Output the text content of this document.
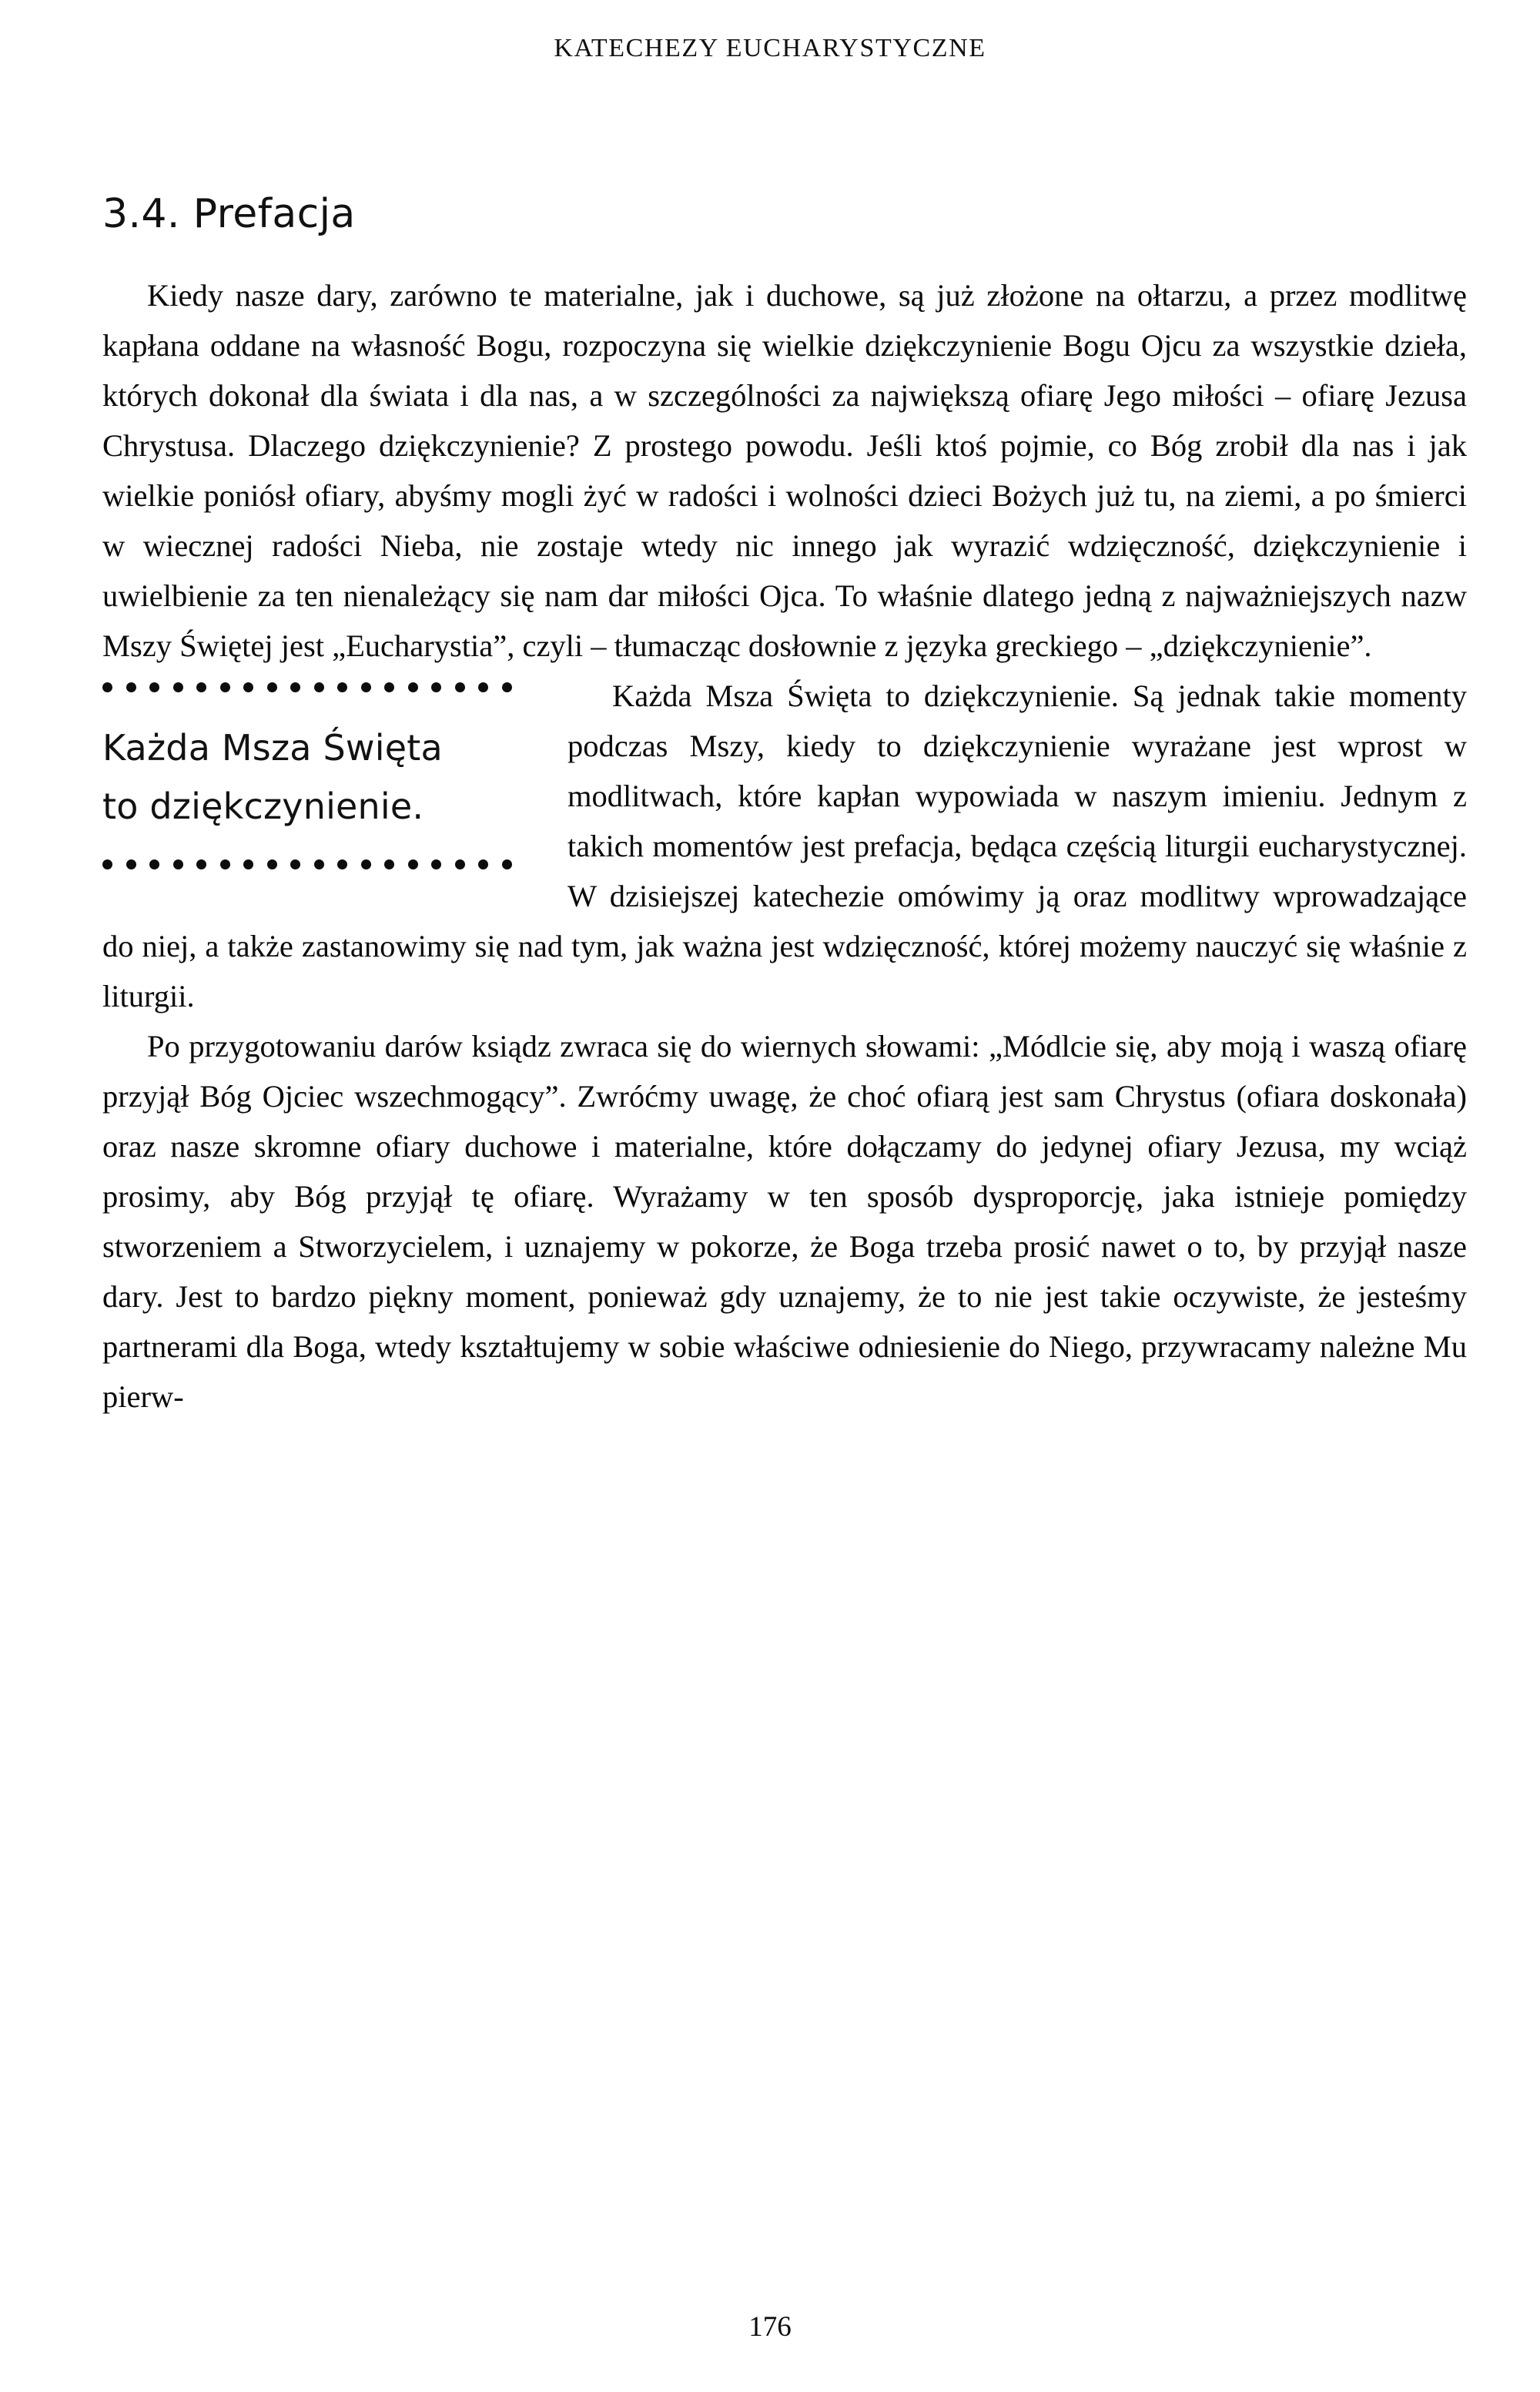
KATECHEZY EUCHARYSTYCZNE
3.4. Prefacja

Kiedy nasze dary, zarówno te materialne, jak i duchowe, są już złożone na ołtarzu, a przez modlitwę kapłana oddane na własność Bogu, rozpoczyna się wielkie dziękczynienie Bogu Ojcu za wszystkie dzieła, których dokonał dla świata i dla nas, a w szczególności za największą ofiarę Jego miłości – ofiarę Jezusa Chrystusa. Dlaczego dziękczynienie? Z prostego powodu. Jeśli ktoś pojmie, co Bóg zrobił dla nas i jak wielkie poniósł ofiary, abyśmy mogli żyć w radości i wolności dzieci Bożych już tu, na ziemi, a po śmierci w wiecznej radości Nieba, nie zostaje wtedy nic innego jak wyrazić wdzięczność, dziękczynienie i uwielbienie za ten nienależący się nam dar miłości Ojca. To właśnie dlatego jedną z najważniejszych nazw Mszy Świętej jest „Eucharystia”, czyli – tłumacząc dosłownie z języka greckiego – „dziękczynienie”.

Każda Msza Święta
to dziękczynienie.

Każda Msza Święta to dziękczynienie. Są jednak takie momenty podczas Mszy, kiedy to dziękczynienie wyrażane jest wprost w modlitwach, które kapłan wypowiada w naszym imieniu. Jednym z takich momentów jest prefacja, będąca częścią liturgii eucharystycznej. W dzisiejszej katechezie omówimy ją oraz modlitwy wprowadzające do niej, a także zastanowimy się nad tym, jak ważna jest wdzięczność, której możemy nauczyć się właśnie z liturgii.

Po przygotowaniu darów ksiądz zwraca się do wiernych słowami: „Módlcie się, aby moją i waszą ofiarę przyjął Bóg Ojciec wszechmogący”. Zwróćmy uwagę, że choć ofiarą jest sam Chrystus (ofiara doskonała) oraz nasze skromne ofiary duchowe i materialne, które dołączamy do jedynej ofiary Jezusa, my wciąż prosimy, aby Bóg przyjął tę ofiarę. Wyrażamy w ten sposób dysproporcję, jaka istnieje pomiędzy stworzeniem a Stworzycielem, i uznajemy w pokorze, że Boga trzeba prosić nawet o to, by przyjął nasze dary. Jest to bardzo piękny moment, ponieważ gdy uznajemy, że to nie jest takie oczywiste, że jesteśmy partnerami dla Boga, wtedy kształtujemy w sobie właściwe odniesienie do Niego, przywracamy należne Mu pierw-

176
